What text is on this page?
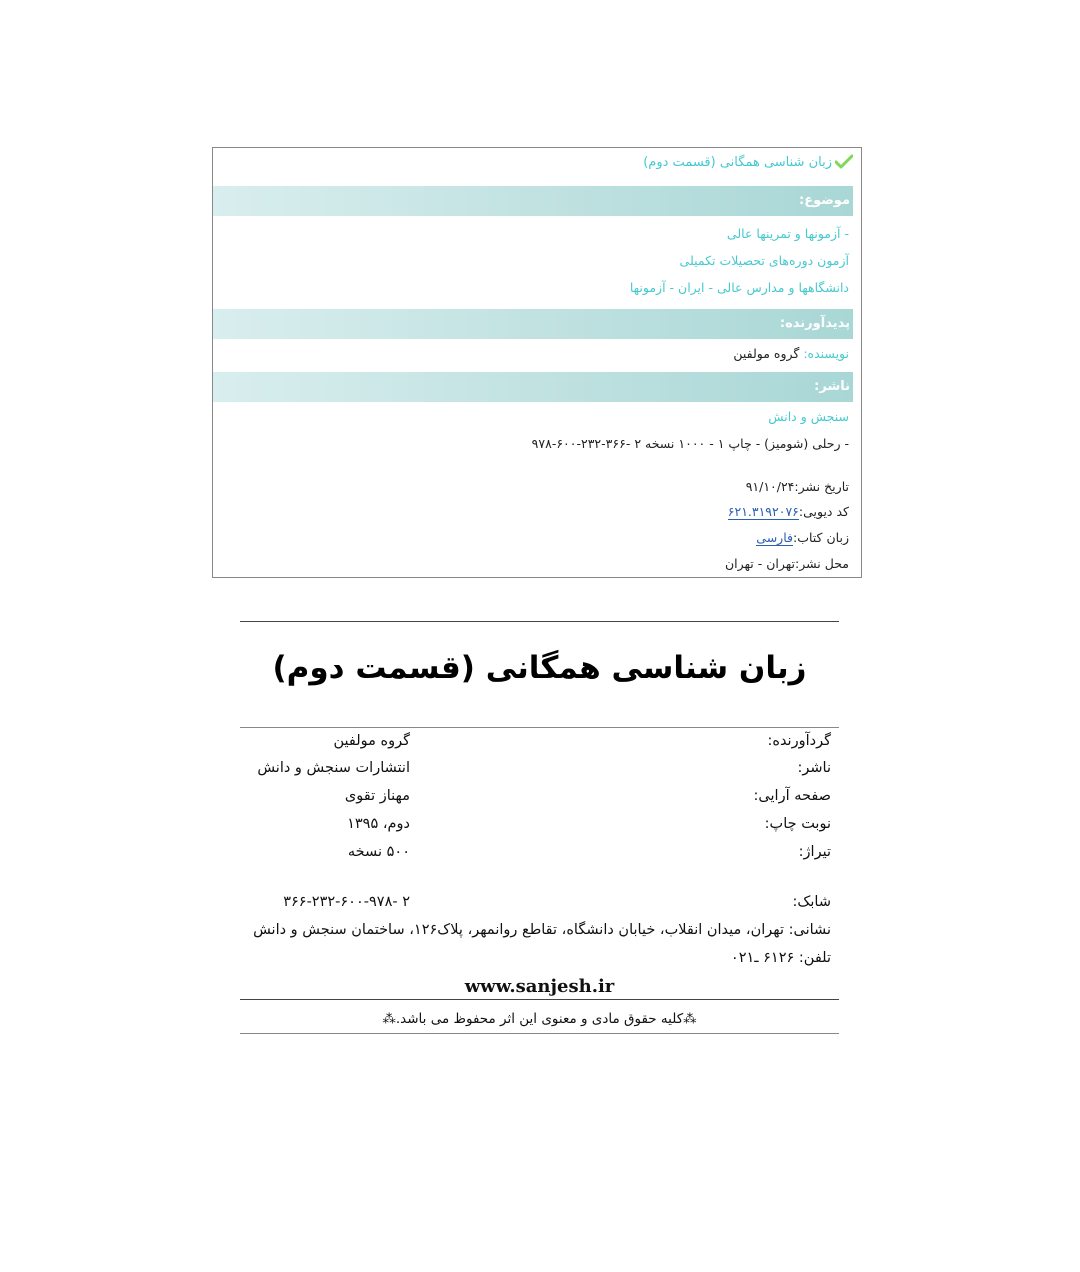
زبان شناسی همگانی (قسمت دوم)
موضوع:
- آزمونها و تمرینها عالی
آزمون دوره‌های تحصیلات تکمیلی
دانشگاهها و مدارس عالی - ایران - آزمونها
پدیدآورنده:
نویسنده: گروه مولفین
ناشر:
سنجش و دانش
- رحلی (شومیز) - چاپ ۱ - ۱۰۰۰ نسخه ۲ -۳۶۶-۲۳۲-۶۰۰-۹۷۸
تاریخ نشر:۹۱/۱۰/۲۴
کد دیویی:۶۲۱.۳۱۹۲۰۷۶
زبان کتاب:فارسی
محل نشر:تهران - تهران
زبان شناسی همگانی (قسمت دوم)
گردآورنده:
گروه مولفین
ناشر:
انتشارات سنجش و دانش
صفحه آرایی:
مهناز تقوی
نوبت چاپ:
دوم، ۱۳۹۵
تیراژ:
۵۰۰ نسخه
شابک:
۲ -۳۶۶-۲۳۲-۶۰۰-۹۷۸
نشانی: تهران، میدان انقلاب، خیابان دانشگاه، تقاطع روانمهر، پلاک۱۲۶، ساختمان سنجش و دانش
تلفن: ۶۱۲۶ ـ۰۲۱
www.sanjesh.ir
⁂کلیه حقوق مادی و معنوی این اثر محفوظ می باشد.⁂
